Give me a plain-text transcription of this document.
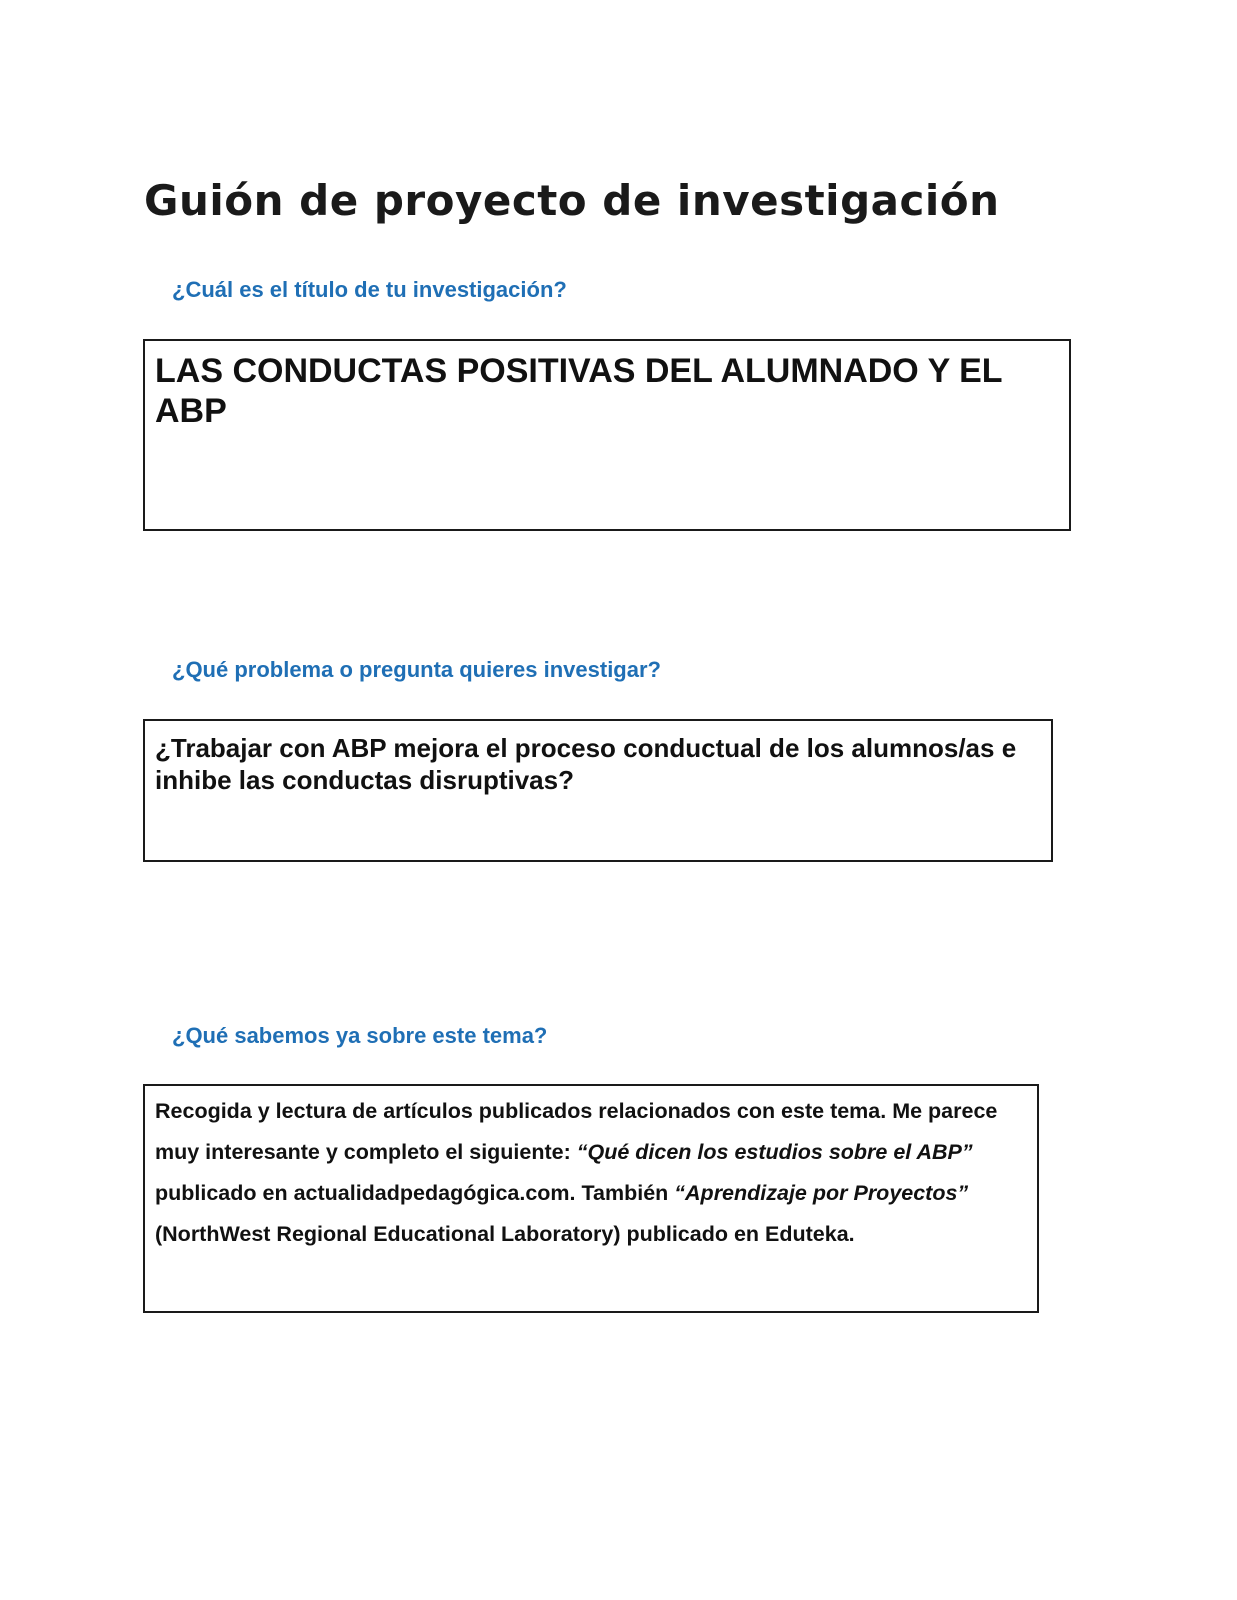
Guión de proyecto de investigación

¿Cuál es el título de tu investigación?

LAS CONDUCTAS POSITIVAS DEL ALUMNADO Y EL ABP

¿Qué problema o pregunta quieres investigar?

¿Trabajar con ABP mejora el proceso conductual de los alumnos/as e inhibe las conductas disruptivas?

¿Qué sabemos ya sobre este tema?

Recogida y lectura de artículos publicados relacionados con este tema. Me parece muy interesante y completo el siguiente: “Qué dicen los estudios sobre el ABP” publicado en actualidadpedagógica.com. También “Aprendizaje por Proyectos” (NorthWest Regional Educational Laboratory) publicado en Eduteka.
